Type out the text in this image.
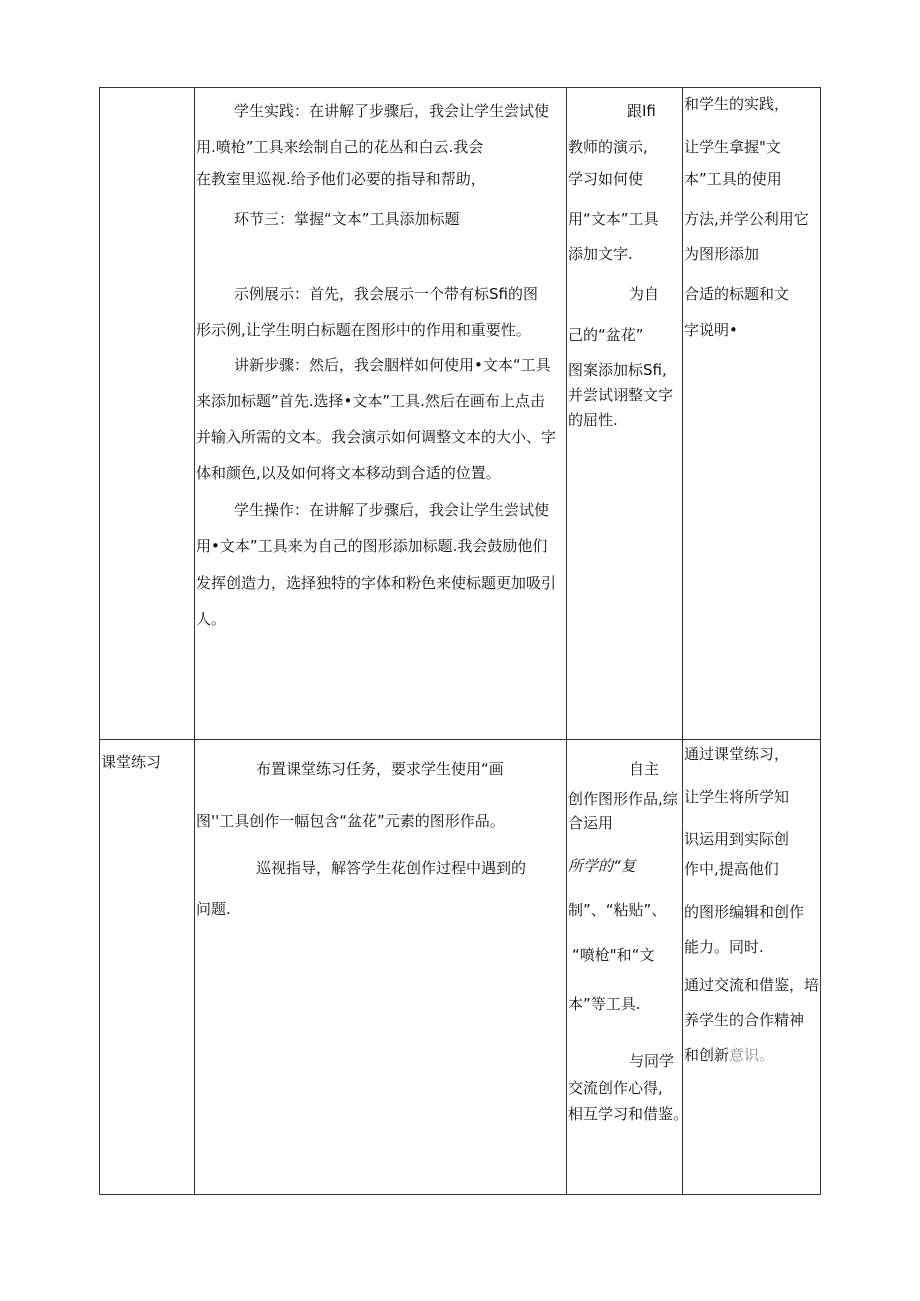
学生实践：在讲解了步骤后，我会让学生尝试使
用.喷枪”工具来绘制自己的花丛和白云.我会
在教室里巡视.给予他们必要的指导和帮助，
环节三：掌握“文本”工具添加标题
示例展示：首先，我会展示一个带有标Sfi的图
形示例,让学生明白标题在图形中的作用和重要性。
讲新步骤：然后，我会胭样如何使用•文本“工具
来添加标题”首先.选择•文本”工具.然后在画布上点击
并输入所需的文本。我会演示如何调整文本的大小、字
体和颜色,以及如何将文本移动到合适的位置。
学生操作：在讲解了步骤后，我会让学生尝试使
用•文本”工具来为自己的图形添加标题.我会鼓励他们
发挥创造力，选择独特的字体和粉色来使标题更加吸引
人。
跟Ifi
教师的演示,
学习如何使
用“文本”工具
添加文字.
为自
己的“盆花”
图案添加标Sfi,
并尝试诩整文字
的屈性.
和学生的实践，
让学生拿握"文
本”工具的使用
方法,并学公利用它
为图形添加
合适的标题和文
字说明•
课堂练习	布置课堂练习任务，要求学生使用“画
图''工具创作一幅包含“盆花”元素的图形作品。
巡视指导，解答学生花创作过程中遇到的
问题.
自主
创作图形作品,综
合运用
所学的“复
制”、“粘贴”、
“喷枪"和“文
本”等工具.
与同学
交流创作心得,
相互学习和借鉴。
通过课堂练习，
让学生将所学知
识运用到实际创
作中,提高他们
的图形编辑和创作
能力。同时.
通过交流和借鉴，培
养学生的合作精神
和创新意识。
